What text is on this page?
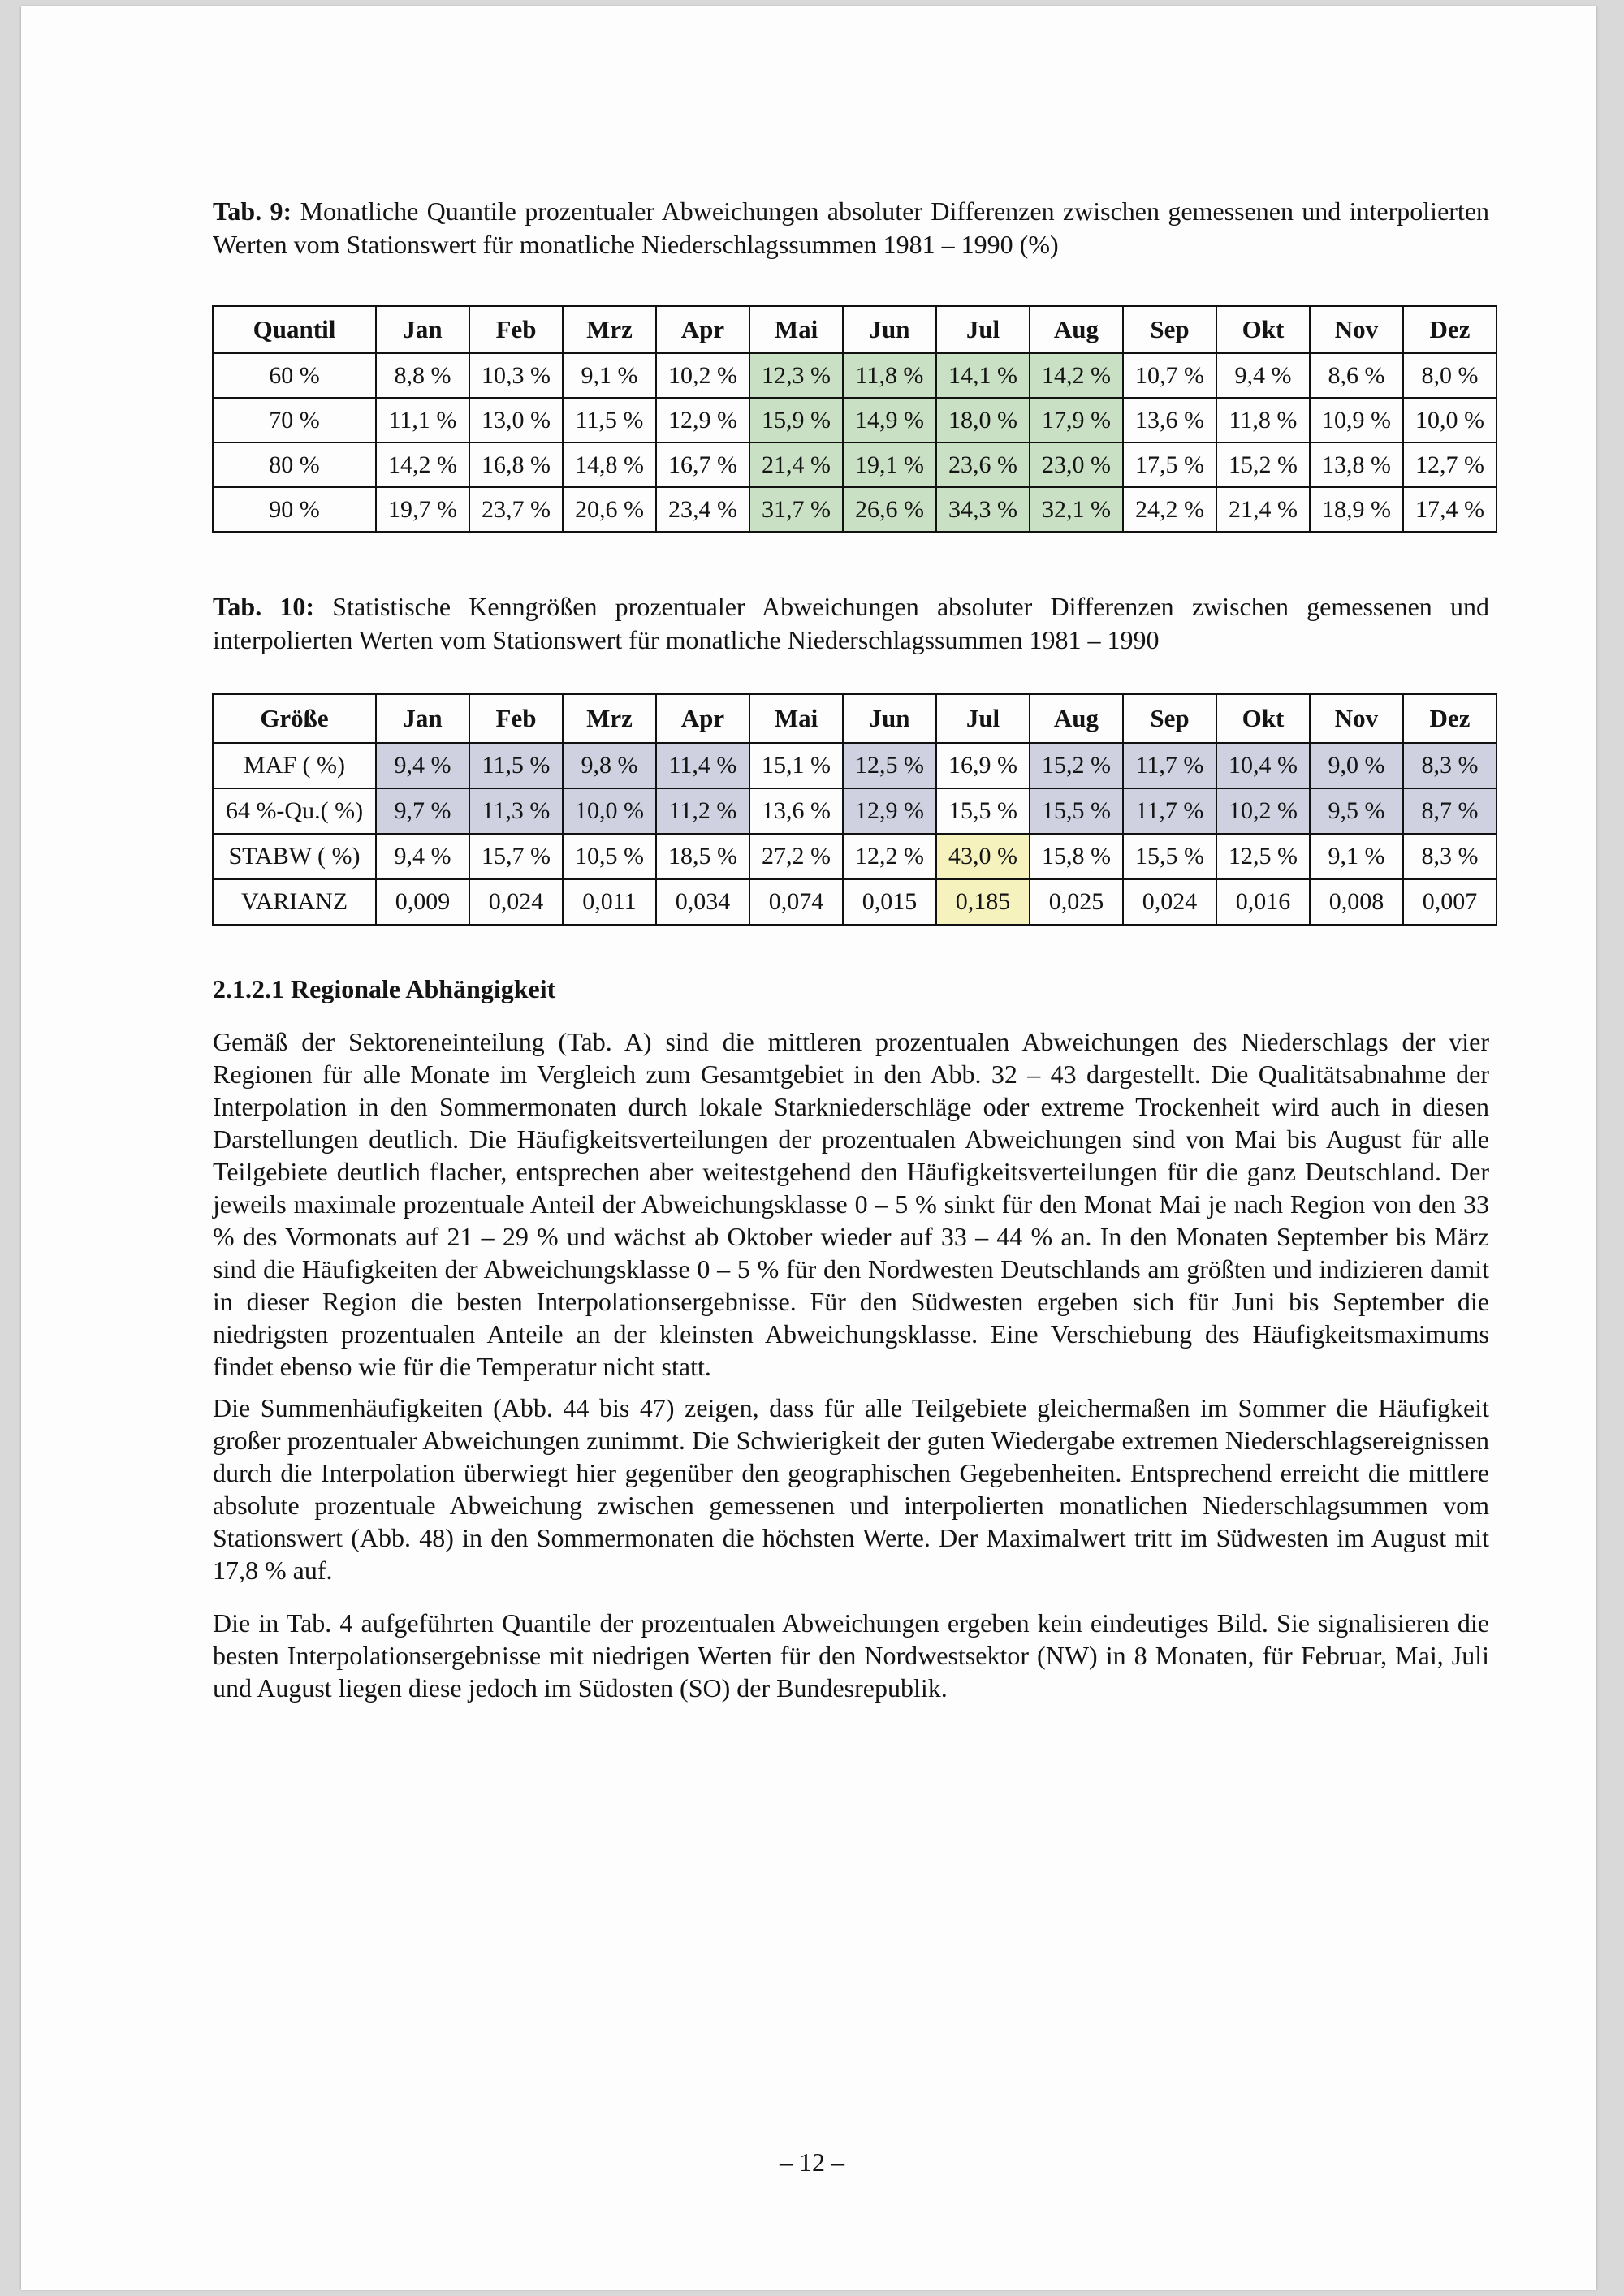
Tab. 9: Monatliche Quantile prozentualer Abweichungen absoluter Differenzen zwischen gemessenen und interpolierten Werten vom Stationswert für monatliche Niederschlagssummen 1981 – 1990 (%)
Quantil	Jan	Feb	Mrz	Apr	Mai	Jun	Jul	Aug	Sep	Okt	Nov	Dez
60 %	8,8 %	10,3 %	9,1 %	10,2 %	12,3 %	11,8 %	14,1 %	14,2 %	10,7 %	9,4 %	8,6 %	8,0 %
70 %	11,1 %	13,0 %	11,5 %	12,9 %	15,9 %	14,9 %	18,0 %	17,9 %	13,6 %	11,8 %	10,9 %	10,0 %
80 %	14,2 %	16,8 %	14,8 %	16,7 %	21,4 %	19,1 %	23,6 %	23,0 %	17,5 %	15,2 %	13,8 %	12,7 %
90 %	19,7 %	23,7 %	20,6 %	23,4 %	31,7 %	26,6 %	34,3 %	32,1 %	24,2 %	21,4 %	18,9 %	17,4 %
Tab. 10: Statistische Kenngrößen prozentualer Abweichungen absoluter Differenzen zwischen gemessenen und interpolierten Werten vom Stationswert für monatliche Niederschlagssummen 1981 – 1990
Größe	Jan	Feb	Mrz	Apr	Mai	Jun	Jul	Aug	Sep	Okt	Nov	Dez
MAF ( %)	9,4 %	11,5 %	9,8 %	11,4 %	15,1 %	12,5 %	16,9 %	15,2 %	11,7 %	10,4 %	9,0 %	8,3 %
64 %-Qu.( %)	9,7 %	11,3 %	10,0 %	11,2 %	13,6 %	12,9 %	15,5 %	15,5 %	11,7 %	10,2 %	9,5 %	8,7 %
STABW ( %)	9,4 %	15,7 %	10,5 %	18,5 %	27,2 %	12,2 %	43,0 %	15,8 %	15,5 %	12,5 %	9,1 %	8,3 %
VARIANZ	0,009	0,024	0,011	0,034	0,074	0,015	0,185	0,025	0,024	0,016	0,008	0,007
2.1.2.1 Regionale Abhängigkeit

Gemäß der Sektoreneinteilung (Tab. A) sind die mittleren prozentualen Abweichungen des Niederschlags der vier Regionen für alle Monate im Vergleich zum Gesamtgebiet in den Abb. 32 – 43 dargestellt. Die Qualitätsabnahme der Interpolation in den Sommermonaten durch lokale Starkniederschläge oder extreme Trockenheit wird auch in diesen Darstellungen deutlich. Die Häufigkeitsverteilungen der prozentualen Abweichungen sind von Mai bis August für alle Teilgebiete deutlich flacher, entsprechen aber weitestgehend den Häufigkeitsverteilungen für die ganz Deutschland. Der jeweils maximale prozentuale Anteil der Abweichungsklasse 0 – 5 % sinkt für den Monat Mai je nach Region von den 33 % des Vormonats auf 21 – 29 % und wächst ab Oktober wieder auf 33 – 44 % an. In den Monaten September bis März sind die Häufigkeiten der Abweichungsklasse 0 – 5 % für den Nordwesten Deutschlands am größten und indizieren damit in dieser Region die besten Interpolationsergebnisse. Für den Südwesten ergeben sich für Juni bis September die niedrigsten prozentualen Anteile an der kleinsten Abweichungsklasse. Eine Verschiebung des Häufigkeitsmaximums findet ebenso wie für die Temperatur nicht statt.

Die Summenhäufigkeiten (Abb. 44 bis 47) zeigen, dass für alle Teilgebiete gleichermaßen im Sommer die Häufigkeit großer prozentualer Abweichungen zunimmt. Die Schwierigkeit der guten Wiedergabe extremen Niederschlagsereignissen durch die Interpolation überwiegt hier gegenüber den geographischen Gegebenheiten. Entsprechend erreicht die mittlere absolute prozentuale Abweichung zwischen gemessenen und interpolierten monatlichen Niederschlagsummen vom Stationswert (Abb. 48) in den Sommermonaten die höchsten Werte. Der Maximalwert tritt im Südwesten im August mit 17,8 % auf.

Die in Tab. 4 aufgeführten Quantile der prozentualen Abweichungen ergeben kein eindeutiges Bild. Sie signalisieren die besten Interpolationsergebnisse mit niedrigen Werten für den Nordwestsektor (NW) in 8 Monaten, für Februar, Mai, Juli und August liegen diese jedoch im Südosten (SO) der Bundesrepublik.

– 12 –
